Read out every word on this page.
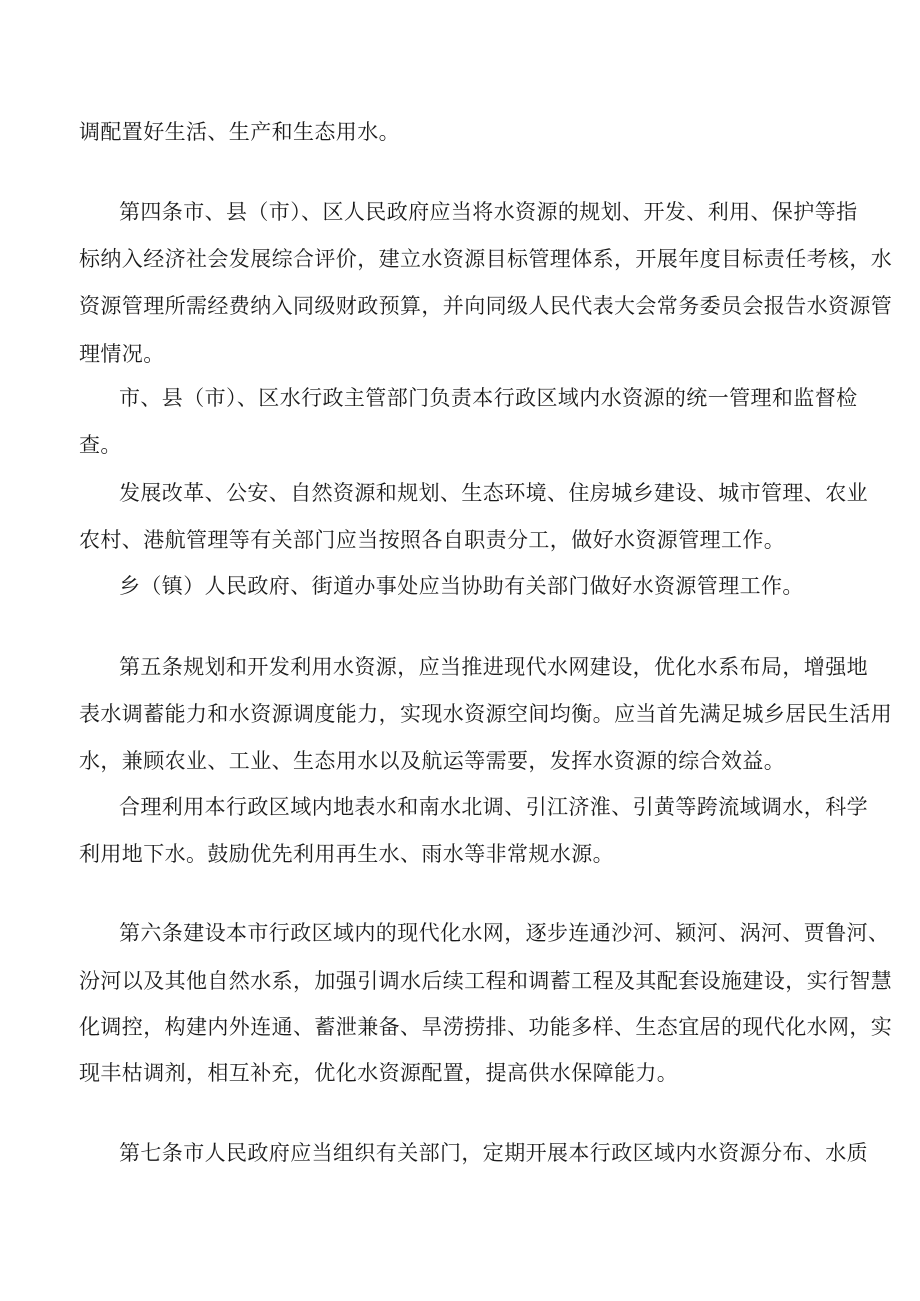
调配置好生活、生产和生态用水。
第四条市、县（市）、区人民政府应当将水资源的规划、开发、利用、保护等指
标纳入经济社会发展综合评价，建立水资源目标管理体系，开展年度目标责任考核，水
资源管理所需经费纳入同级财政预算，并向同级人民代表大会常务委员会报告水资源管
理情况。
市、县（市）、区水行政主管部门负责本行政区域内水资源的统一管理和监督检
查。
发展改革、公安、自然资源和规划、生态环境、住房城乡建设、城市管理、农业
农村、港航管理等有关部门应当按照各自职责分工，做好水资源管理工作。
乡（镇）人民政府、街道办事处应当协助有关部门做好水资源管理工作。
第五条规划和开发利用水资源，应当推进现代水网建设，优化水系布局，增强地
表水调蓄能力和水资源调度能力，实现水资源空间均衡。应当首先满足城乡居民生活用
水，兼顾农业、工业、生态用水以及航运等需要，发挥水资源的综合效益。
合理利用本行政区域内地表水和南水北调、引江济淮、引黄等跨流域调水，科学
利用地下水。鼓励优先利用再生水、雨水等非常规水源。
第六条建设本市行政区域内的现代化水网，逐步连通沙河、颍河、涡河、贾鲁河、
汾河以及其他自然水系，加强引调水后续工程和调蓄工程及其配套设施建设，实行智慧
化调控，构建内外连通、蓄泄兼备、旱涝捞排、功能多样、生态宜居的现代化水网，实
现丰枯调剂，相互补充，优化水资源配置，提高供水保障能力。
第七条市人民政府应当组织有关部门，定期开展本行政区域内水资源分布、水质
